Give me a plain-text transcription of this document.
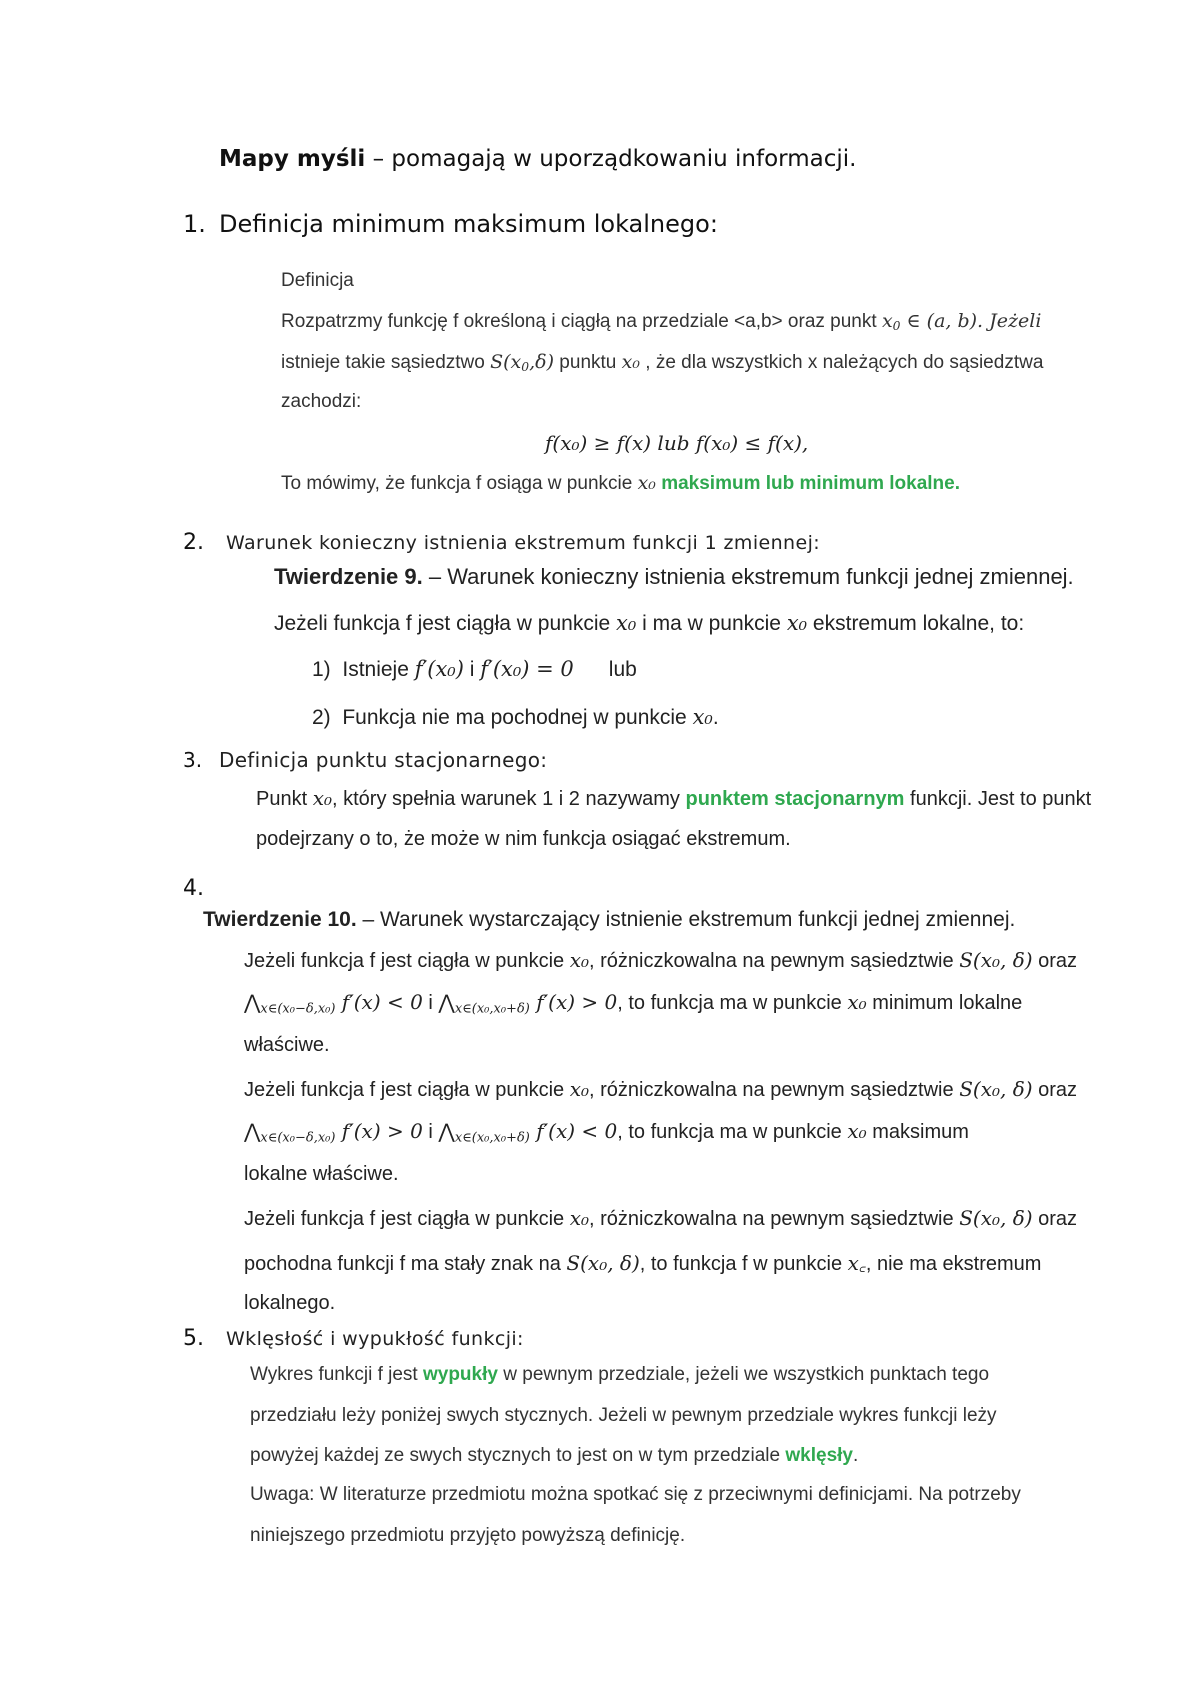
Mapy myśli – pomagają w uporządkowaniu informacji.
1. Definicja minimum maksimum lokalnego:
Definicja
Rozpatrzmy funkcję f określoną i ciągłą na przedziale <a,b> oraz punkt $x_0$ ∈ (a, b). Jeżeli
istnieje takie sąsiedztwo $S(x_0,\delta)$ punktu x₀ , że dla wszystkich x należących do sąsiedztwa
zachodzi:
f(x₀) ≥ f(x) lub f(x₀) ≤ f(x),
To mówimy, że funkcja f osiąga w punkcie x₀ maksimum lub minimum lokalne.
2. Warunek konieczny istnienia ekstremum funkcji 1 zmiennej:
Twierdzenie 9. – Warunek konieczny istnienia ekstremum funkcji jednej zmiennej.
Jeżeli funkcja f jest ciągła w punkcie x₀ i ma w punkcie x₀ ekstremum lokalne, to:
1) Istnieje f′(x₀) i f′(x₀) = 0 lub
2) Funkcja nie ma pochodnej w punkcie x₀.
3. Definicja punktu stacjonarnego:
Punkt x₀, który spełnia warunek 1 i 2 nazywamy punktem stacjonarnym funkcji. Jest to punkt
podejrzany o to, że może w nim funkcja osiągać ekstremum.
4.
Twierdzenie 10. – Warunek wystarczający istnienie ekstremum funkcji jednej zmiennej.
Jeżeli funkcja f jest ciągła w punkcie x₀, różniczkowalna na pewnym sąsiedztwie S(x₀, δ) oraz
$⋀_{x\in(x_0-\delta,x_0)}$ f′(x) < 0 i $⋀_{x\in(x_0,x_0+\delta)}$ f′(x) > 0, to funkcja ma w punkcie x₀ minimum lokalne
właściwe.
Jeżeli funkcja f jest ciągła w punkcie x₀, różniczkowalna na pewnym sąsiedztwie S(x₀, δ) oraz
$⋀_{x\in(x_0-\delta,x_0)}$ f′(x) > 0 i $⋀_{x\in(x_0,x_0+\delta)}$ f′(x) < 0, to funkcja ma w punkcie x₀ maksimum
lokalne właściwe.
Jeżeli funkcja f jest ciągła w punkcie x₀, różniczkowalna na pewnym sąsiedztwie S(x₀, δ) oraz
pochodna funkcji f ma stały znak na S(x₀, δ), to funkcja f w punkcie x꜀, nie ma ekstremum
lokalnego.
5. Wklęsłość i wypukłość funkcji:
Wykres funkcji f jest wypukły w pewnym przedziale, jeżeli we wszystkich punktach tego
przedziału leży poniżej swych stycznych. Jeżeli w pewnym przedziale wykres funkcji leży
powyżej każdej ze swych stycznych to jest on w tym przedziale wklęsły.
Uwaga: W literaturze przedmiotu można spotkać się z przeciwnymi definicjami. Na potrzeby
niniejszego przedmiotu przyjęto powyższą definicję.
